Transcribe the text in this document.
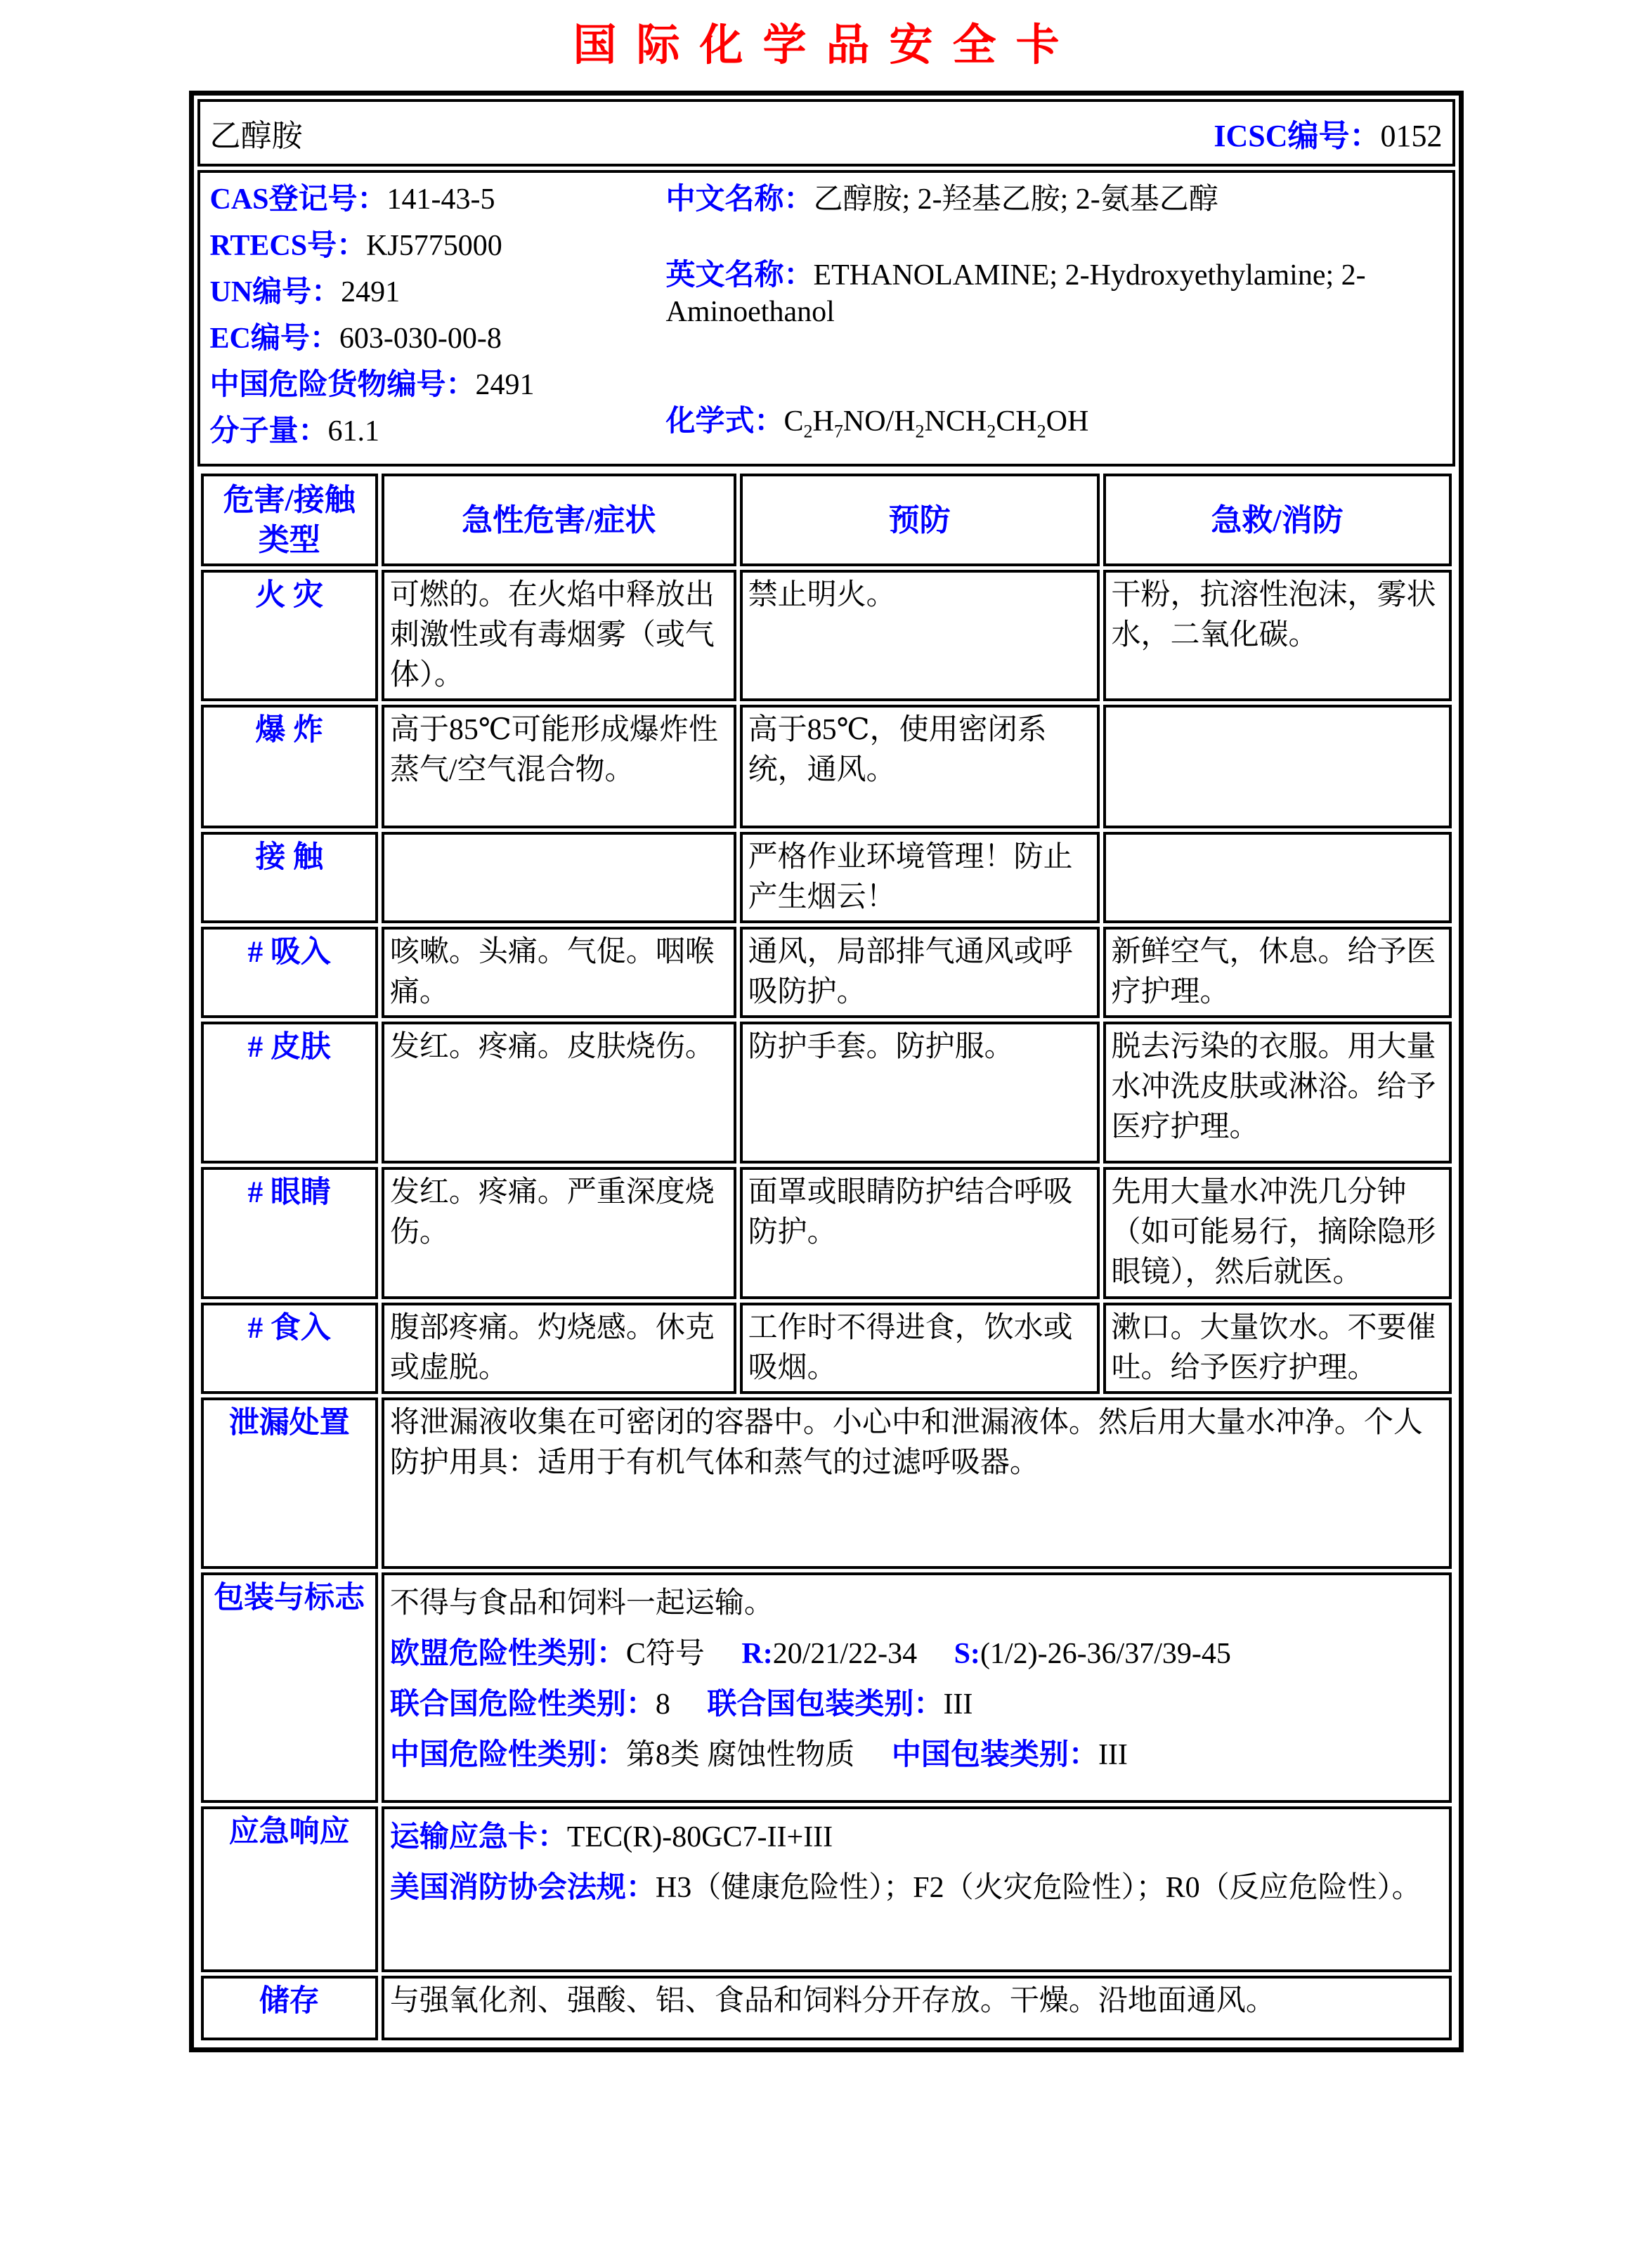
国际化学品安全卡
乙醇胺	ICSC编号：0152
CAS登记号：141-43-5
RTECS号：KJ5775000
UN编号：2491
EC编号：603-030-00-8
中国危险货物编号：2491
分子量：61.1
中文名称：乙醇胺; 2-羟基乙胺; 2-氨基乙醇
英文名称：ETHANOLAMINE; 2-Hydroxyethylamine; 2-Aminoethanol
化学式：$C_2H_7NO/H_2NCH_2CH_2OH$
危害/接触类型	急性危害/症状	预防	急救/消防
火 灾	可燃的。在火焰中释放出刺激性或有毒烟雾（或气体）。	禁止明火。	干粉，抗溶性泡沫，雾状水，二氧化碳。
爆 炸	高于85℃可能形成爆炸性蒸气/空气混合物。	高于85℃，使用密闭系统，通风。	
接 触		严格作业环境管理！防止产生烟云！	
# 吸入	咳嗽。头痛。气促。咽喉痛。	通风，局部排气通风或呼吸防护。	新鲜空气，休息。给予医疗护理。
# 皮肤	发红。疼痛。皮肤烧伤。	防护手套。防护服。	脱去污染的衣服。用大量水冲洗皮肤或淋浴。给予医疗护理。
# 眼睛	发红。疼痛。严重深度烧伤。	面罩或眼睛防护结合呼吸防护。	先用大量水冲洗几分钟（如可能易行，摘除隐形眼镜），然后就医。
# 食入	腹部疼痛。灼烧感。休克或虚脱。	工作时不得进食，饮水或吸烟。	漱口。大量饮水。不要催吐。给予医疗护理。
泄漏处置	将泄漏液收集在可密闭的容器中。小心中和泄漏液体。然后用大量水冲净。个人防护用具：适用于有机气体和蒸气的过滤呼吸器。		
包装与标志	不得与食品和饲料一起运输。
欧盟危险性类别：C符号　 R:20/21/22-34　 S:(1/2)-26-36/37/39-45
联合国危险性类别：8　 联合国包装类别：III
中国危险性类别：第8类 腐蚀性物质　 中国包装类别：III		

应急响应	运输应急卡：TEC(R)-80GC7-II+III
美国消防协会法规：H3（健康危险性）；F2（火灾危险性）；R0（反应危险性）。		

储存	与强氧化剂、强酸、铝、食品和饲料分开存放。干燥。沿地面通风。		
